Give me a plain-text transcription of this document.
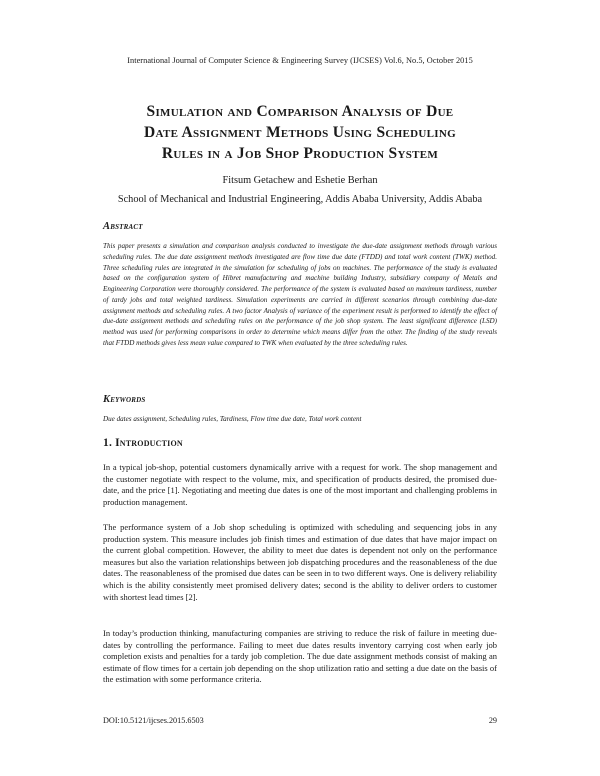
International Journal of Computer Science & Engineering Survey (IJCSES) Vol.6, No.5, October 2015
Simulation and Comparison Analysis of Due
Date Assignment Methods Using Scheduling
Rules in a Job Shop Production System
Fitsum Getachew and Eshetie Berhan
School of Mechanical and Industrial Engineering, Addis Ababa University, Addis Ababa
Abstract
This paper presents a simulation and comparison analysis conducted to investigate the due-date assignment methods through various scheduling rules. The due date assignment methods investigated are flow time due date (FTDD) and total work content (TWK) method. Three scheduling rules are integrated in the simulation for scheduling of jobs on machines. The performance of the study is evaluated based on the configuration system of Hibret manufacturing and machine building Industry, subsidiary company of Metals and Engineering Corporation were thoroughly considered. The performance of the system is evaluated based on maximum tardiness, number of tardy jobs and total weighted tardiness. Simulation experiments are carried in different scenarios through combining due-date assignment methods and scheduling rules. A two factor Analysis of variance of the experiment result is performed to identify the effect of due-date assignment methods and scheduling rules on the performance of the job shop system. The least significant difference (LSD) method was used for performing comparisons in order to determine which means differ from the other. The finding of the study reveals that FTDD methods gives less mean value compared to TWK when evaluated by the three scheduling rules.
Keywords
Due dates assignment, Scheduling rules, Tardiness, Flow time due date, Total work content
1. Introduction
In a typical job-shop, potential customers dynamically arrive with a request for work. The shop management and the customer negotiate with respect to the volume, mix, and specification of products desired, the promised due-date, and the price [1]. Negotiating and meeting due dates is one of the most important and challenging problems in production management.
The performance system of a Job shop scheduling is optimized with scheduling and sequencing jobs in any production system. This measure includes job finish times and estimation of due dates that have major impact on the current global competition. However, the ability to meet due dates is dependent not only on the performance measures but also the variation relationships between job dispatching procedures and the reasonableness of the due dates. The reasonableness of the promised due dates can be seen in to two different ways. One is delivery reliability which is the ability consistently meet promised delivery dates; second is the ability to deliver orders to customer with shortest lead times [2].
In today’s production thinking, manufacturing companies are striving to reduce the risk of failure in meeting due-dates by controlling the performance. Failing to meet due dates results inventory carrying cost when early job completion exists and penalties for a tardy job completion. The due date assignment methods consist of making an estimate of flow times for a certain job depending on the shop utilization ratio and setting a due date on the basis of the estimation with some performance criteria.
DOI:10.5121/ijcses.2015.6503	29
